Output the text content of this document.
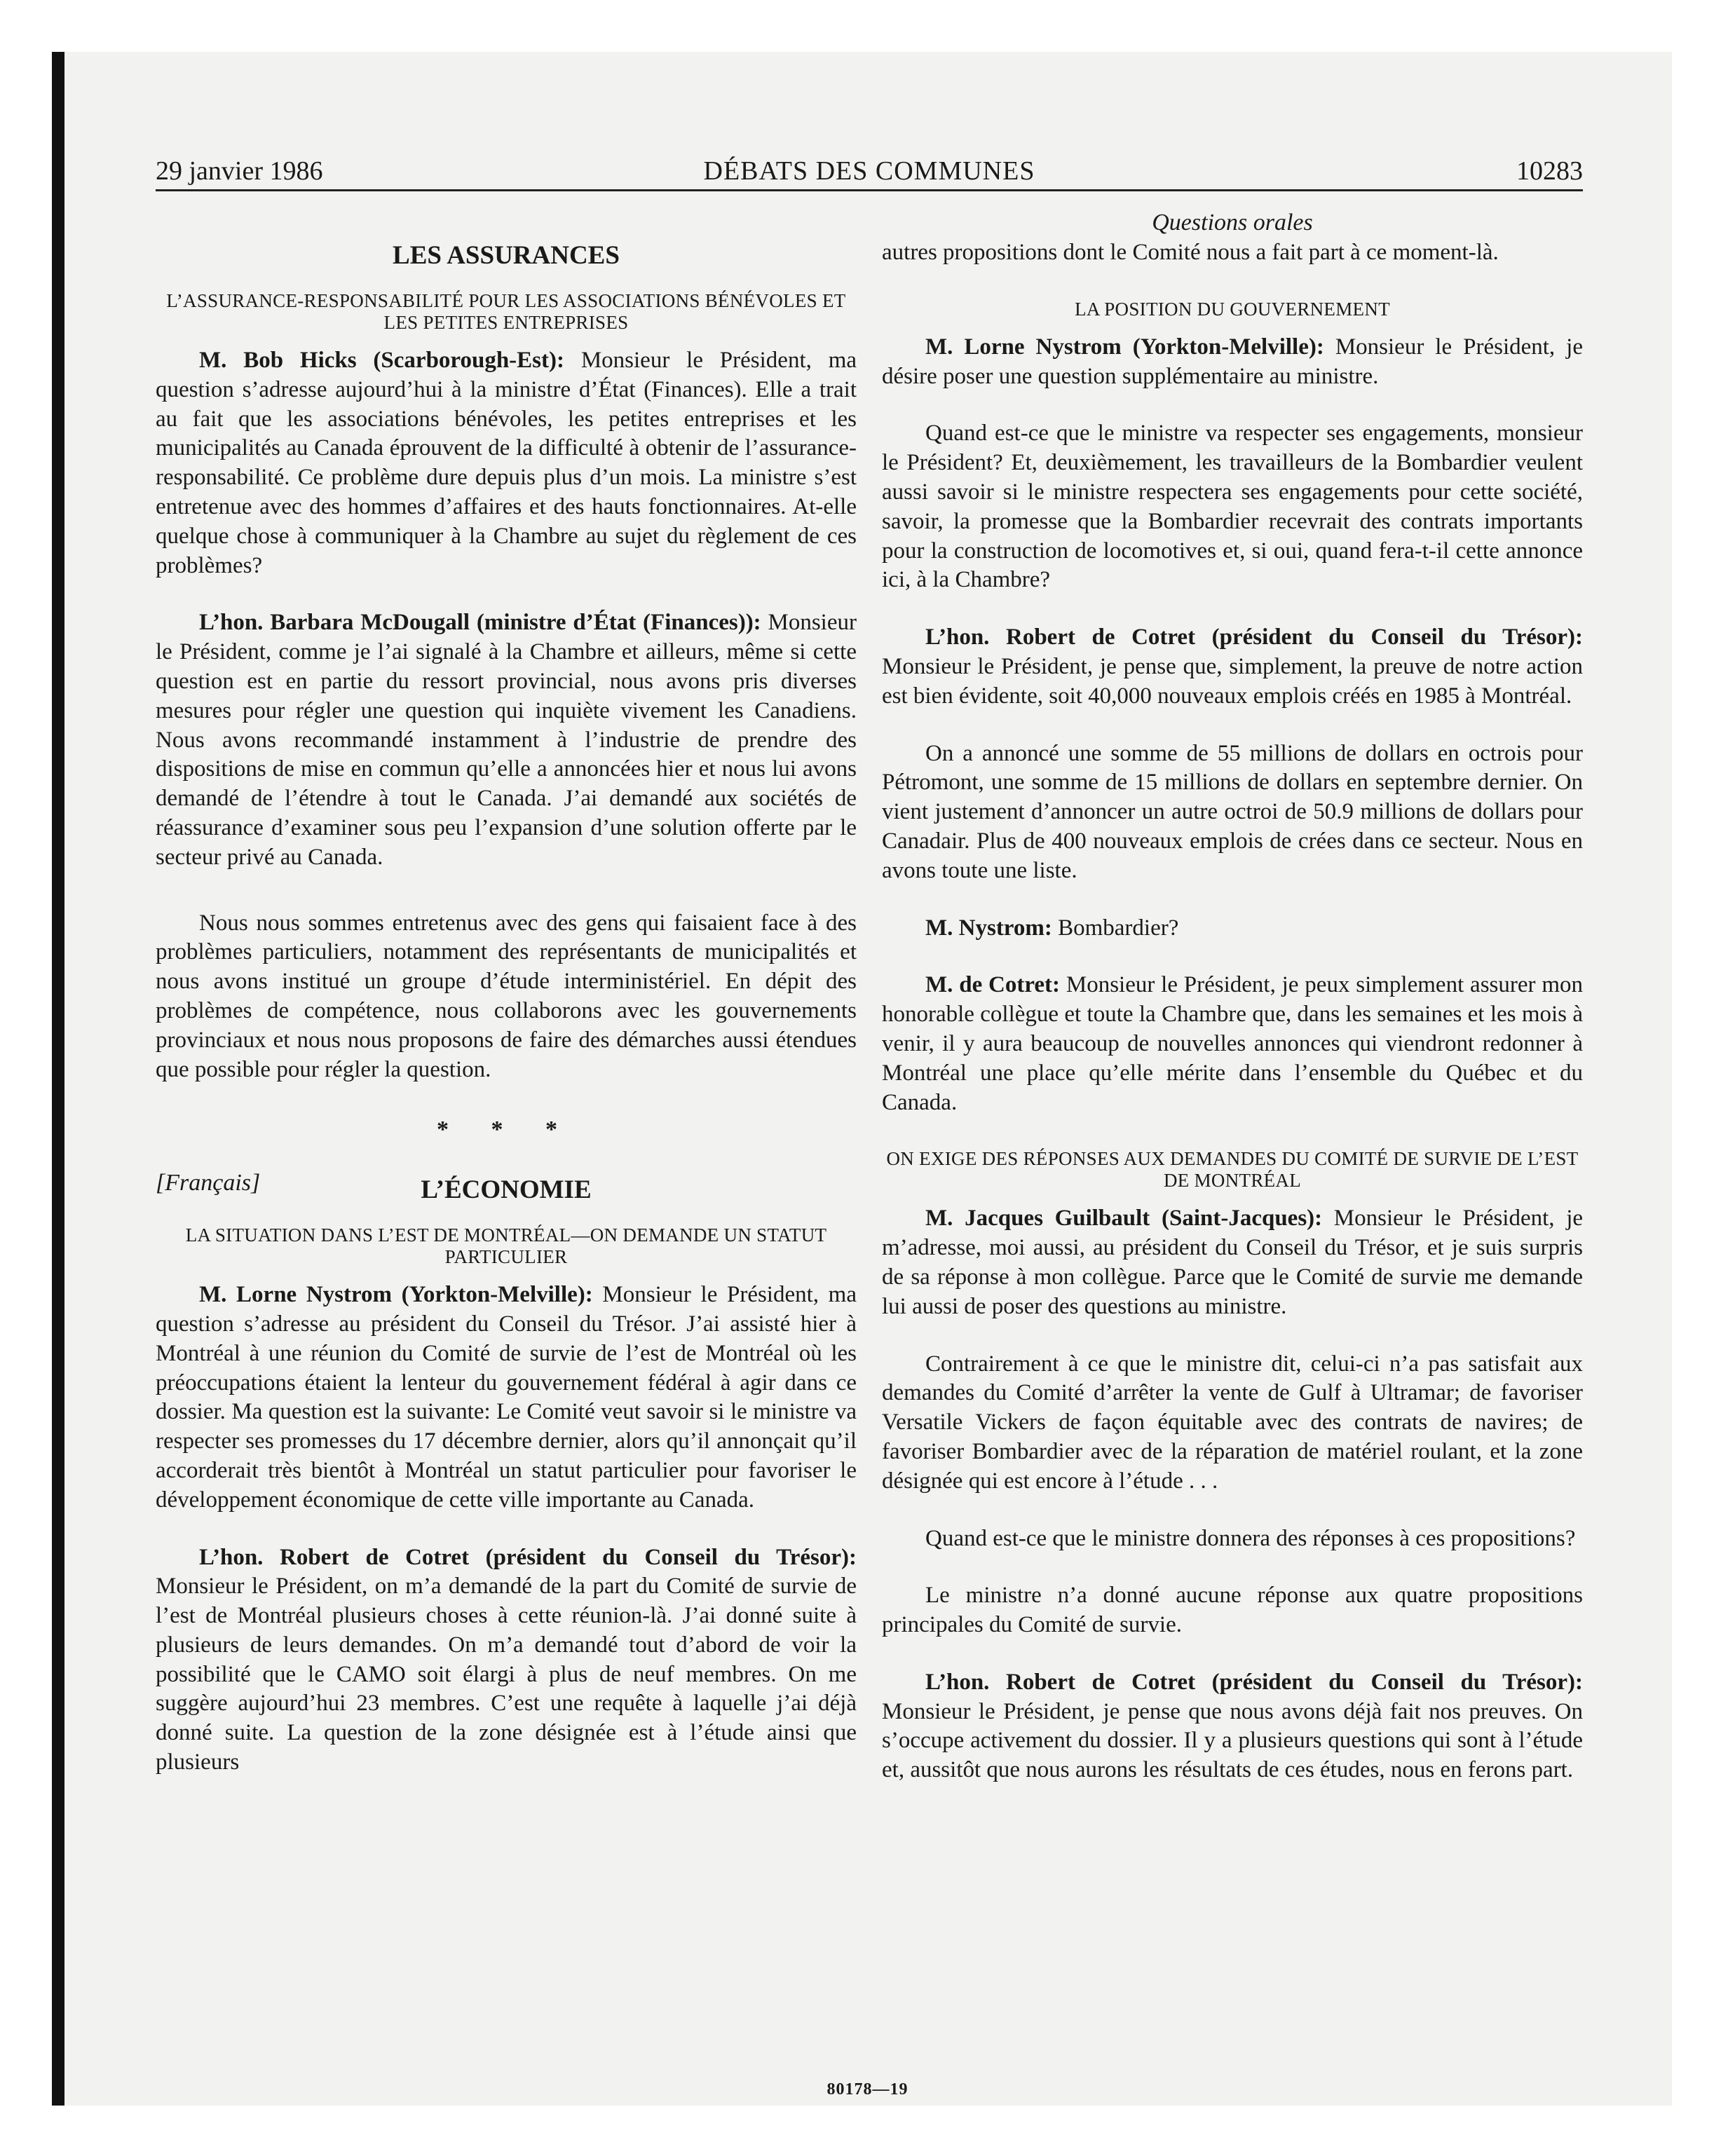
29 janvier 1986	DÉBATS DES COMMUNES	10283
LES ASSURANCES
L’ASSURANCE-RESPONSABILITÉ POUR LES ASSOCIATIONS BÉNÉVOLES ET LES PETITES ENTREPRISES

M. Bob Hicks (Scarborough-Est): Monsieur le Président, ma question s’adresse aujourd’hui à la ministre d’État (Finances). Elle a trait au fait que les associations bénévoles, les petites entreprises et les municipalités au Canada éprouvent de la difficulté à obtenir de l’assurance-responsabilité. Ce problème dure depuis plus d’un mois. La ministre s’est entretenue avec des hommes d’affaires et des hauts fonctionnaires. At-elle quelque chose à communiquer à la Chambre au sujet du règlement de ces problèmes?

L’hon. Barbara McDougall (ministre d’État (Finances)): Monsieur le Président, comme je l’ai signalé à la Chambre et ailleurs, même si cette question est en partie du ressort provincial, nous avons pris diverses mesures pour régler une question qui inquiète vivement les Canadiens. Nous avons recommandé instamment à l’industrie de prendre des dispositions de mise en commun qu’elle a annoncées hier et nous lui avons demandé de l’étendre à tout le Canada. J’ai demandé aux sociétés de réassurance d’examiner sous peu l’expansion d’une solution offerte par le secteur privé au Canada.

Nous nous sommes entretenus avec des gens qui faisaient face à des problèmes particuliers, notamment des représentants de municipalités et nous avons institué un groupe d’étude interministériel. En dépit des problèmes de compétence, nous collaborons avec les gouvernements provinciaux et nous nous proposons de faire des démarches aussi étendues que possible pour régler la question.

* * *

[Français]	L’ÉCONOMIE
LA SITUATION DANS L’EST DE MONTRÉAL—ON DEMANDE UN STATUT PARTICULIER

M. Lorne Nystrom (Yorkton-Melville): Monsieur le Président, ma question s’adresse au président du Conseil du Trésor. J’ai assisté hier à Montréal à une réunion du Comité de survie de l’est de Montréal où les préoccupations étaient la lenteur du gouvernement fédéral à agir dans ce dossier. Ma question est la suivante: Le Comité veut savoir si le ministre va respecter ses promesses du 17 décembre dernier, alors qu’il annonçait qu’il accorderait très bientôt à Montréal un statut particulier pour favoriser le développement économique de cette ville importante au Canada.

L’hon. Robert de Cotret (président du Conseil du Trésor): Monsieur le Président, on m’a demandé de la part du Comité de survie de l’est de Montréal plusieurs choses à cette réunion-là. J’ai donné suite à plusieurs de leurs demandes. On m’a demandé tout d’abord de voir la possibilité que le CAMO soit élargi à plus de neuf membres. On me suggère aujourd’hui 23 membres. C’est une requête à laquelle j’ai déjà donné suite. La question de la zone désignée est à l’étude ainsi que plusieurs

Questions orales

autres propositions dont le Comité nous a fait part à ce moment-là.

LA POSITION DU GOUVERNEMENT

M. Lorne Nystrom (Yorkton-Melville): Monsieur le Président, je désire poser une question supplémentaire au ministre.

Quand est-ce que le ministre va respecter ses engagements, monsieur le Président? Et, deuxièmement, les travailleurs de la Bombardier veulent aussi savoir si le ministre respectera ses engagements pour cette société, savoir, la promesse que la Bombardier recevrait des contrats importants pour la construction de locomotives et, si oui, quand fera-t-il cette annonce ici, à la Chambre?

L’hon. Robert de Cotret (président du Conseil du Trésor): Monsieur le Président, je pense que, simplement, la preuve de notre action est bien évidente, soit 40,000 nouveaux emplois créés en 1985 à Montréal.

On a annoncé une somme de 55 millions de dollars en octrois pour Pétromont, une somme de 15 millions de dollars en septembre dernier. On vient justement d’annoncer un autre octroi de 50.9 millions de dollars pour Canadair. Plus de 400 nouveaux emplois de crées dans ce secteur. Nous en avons toute une liste.

M. Nystrom: Bombardier?

M. de Cotret: Monsieur le Président, je peux simplement assurer mon honorable collègue et toute la Chambre que, dans les semaines et les mois à venir, il y aura beaucoup de nouvelles annonces qui viendront redonner à Montréal une place qu’elle mérite dans l’ensemble du Québec et du Canada.

ON EXIGE DES RÉPONSES AUX DEMANDES DU COMITÉ DE SURVIE DE L’EST DE MONTRÉAL

M. Jacques Guilbault (Saint-Jacques): Monsieur le Président, je m’adresse, moi aussi, au président du Conseil du Trésor, et je suis surpris de sa réponse à mon collègue. Parce que le Comité de survie me demande lui aussi de poser des questions au ministre.

Contrairement à ce que le ministre dit, celui-ci n’a pas satisfait aux demandes du Comité d’arrêter la vente de Gulf à Ultramar; de favoriser Versatile Vickers de façon équitable avec des contrats de navires; de favoriser Bombardier avec de la réparation de matériel roulant, et la zone désignée qui est encore à l’étude . . .

Quand est-ce que le ministre donnera des réponses à ces propositions?

Le ministre n’a donné aucune réponse aux quatre propositions principales du Comité de survie.

L’hon. Robert de Cotret (président du Conseil du Trésor): Monsieur le Président, je pense que nous avons déjà fait nos preuves. On s’occupe activement du dossier. Il y a plusieurs questions qui sont à l’étude et, aussitôt que nous aurons les résultats de ces études, nous en ferons part.

80178—19
